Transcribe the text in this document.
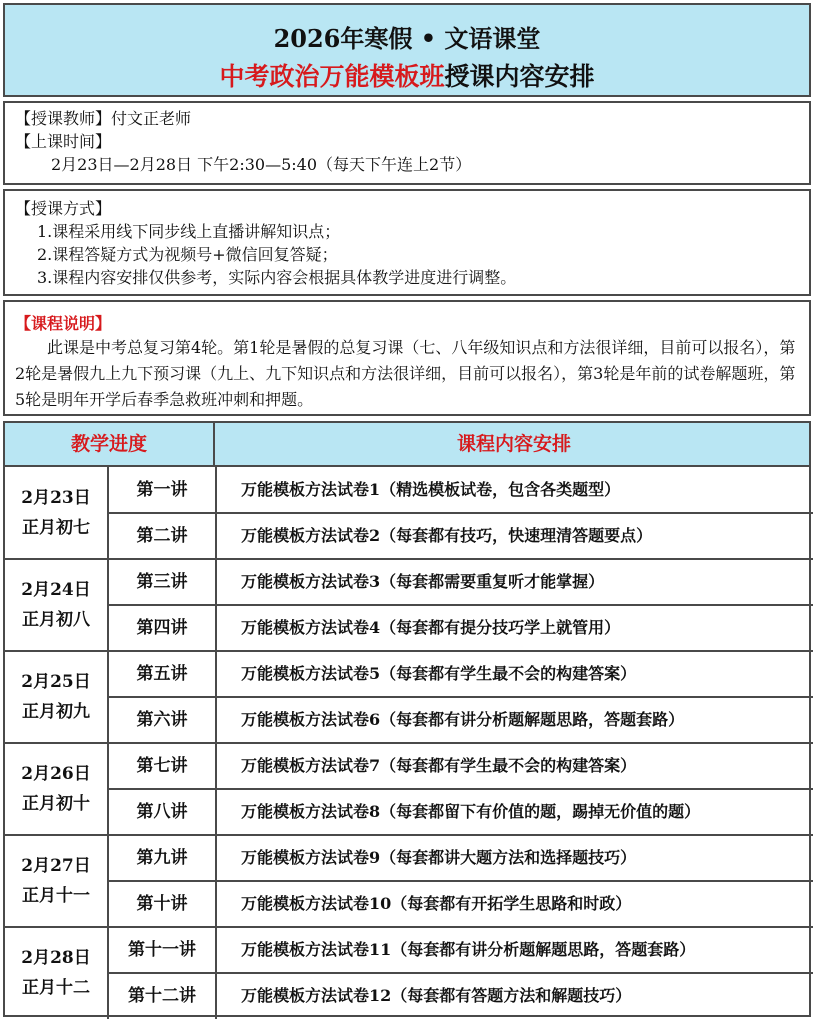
2026年寒假 • 文语课堂
中考政治万能模板班授课内容安排
【授课教师】付文正老师
【上课时间】
2月23日—2月28日 下午2:30—5:40（每天下午连上2节）
【授课方式】
1.课程采用线下同步线上直播讲解知识点；
2.课程答疑方式为视频号+微信回复答疑；
3.课程内容安排仅供参考，实际内容会根据具体教学进度进行调整。
【课程说明】
此课是中考总复习第4轮。第1轮是暑假的总复习课（七、八年级知识点和方法很详细，目前可以报名），第2轮是暑假九上九下预习课（九上、九下知识点和方法很详细，目前可以报名），第3轮是年前的试卷解题班，第5轮是明年开学后春季急救班冲刺和押题。
教学进度	课程内容安排
2月23日
正月初七
第一讲	万能模板方法试卷1（精选模板试卷，包含各类题型）
第二讲	万能模板方法试卷2（每套都有技巧，快速理清答题要点）
2月24日
正月初八
第三讲	万能模板方法试卷3（每套都需要重复听才能掌握）
第四讲	万能模板方法试卷4（每套都有提分技巧学上就管用）
2月25日
正月初九
第五讲	万能模板方法试卷5（每套都有学生最不会的构建答案）
第六讲	万能模板方法试卷6（每套都有讲分析题解题思路，答题套路）
2月26日
正月初十
第七讲	万能模板方法试卷7（每套都有学生最不会的构建答案）
第八讲	万能模板方法试卷8（每套都留下有价值的题，踢掉无价值的题）
2月27日
正月十一
第九讲	万能模板方法试卷9（每套都讲大题方法和选择题技巧）
第十讲	万能模板方法试卷10（每套都有开拓学生思路和时政）
2月28日
正月十二
第十一讲	万能模板方法试卷11（每套都有讲分析题解题思路，答题套路）
第十二讲	万能模板方法试卷12（每套都有答题方法和解题技巧）
